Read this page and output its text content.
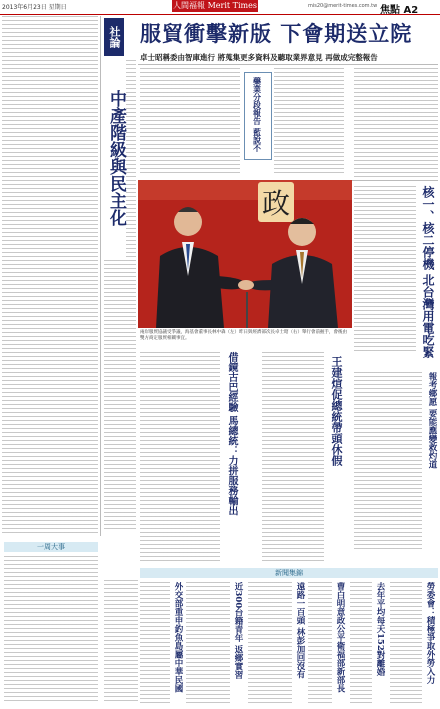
2013年6月23日 星期日	人間福報 Merit Times	mis20@merit-times.com.tw 焦點 A2
社論
中產階級與民主化
服貿衝擊新版 下會期送立院
卓士昭稱委由智庫進行 將蒐集更多資料及聽取業界意見 再做成完整報告
藥業分段報告 藍說不
政
兩岸服貿協議受爭議，海基會董事長林中森（左）昨日與經濟部次長卓士昭（右）舉行會前握手，會後由雙方商定服貿相關事宜。	核一、核二停機 北台灣用電吃緊
報考鄉愿 要能應變救灼道
王建煊促總統帶頭休假
借鏡古巴經驗 馬總統：力拼服務輸出
一周大事
新聞集錦
外交部重申釣魚島屬中華民國	近300台籍青年 返鄉實習	遠路一百頭 林彭加回沒有	曹白明意政公平衛福部新部長	去年平均每天152對離婚	勞委會：積極爭取外勞入力
